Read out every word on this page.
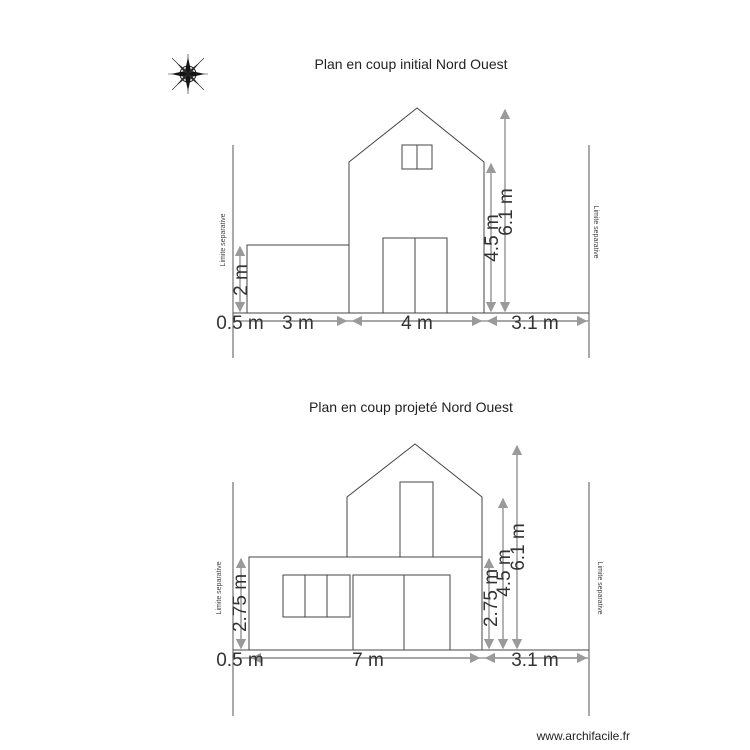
Plan en coup initial Nord Ouest
Limite separative	Limite separative
0.5 m 3 m	4 m	3.1 m
2 m
4.5 m
6.1 m
Plan en coup projeté Nord Ouest
Limite separative	Limite separative
0.5 m	7 m	3.1 m
2.75 m	2.75 m
4.5 m
6.1 m
www.archifacile.fr
